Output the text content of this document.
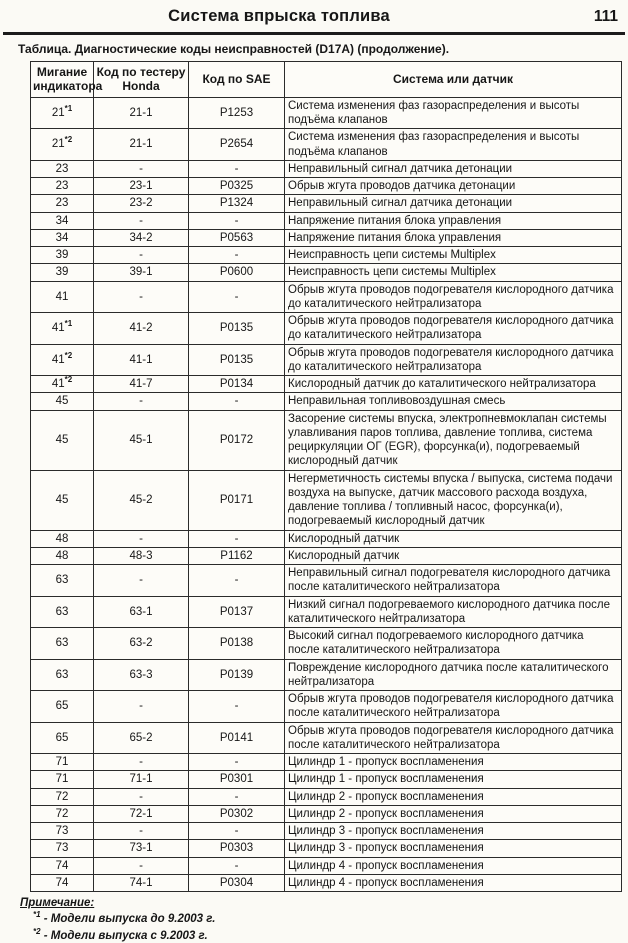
Система впрыска топлива	111
Таблица. Диагностические коды неисправностей (D17A) (продолжение).
Мигание индикатора	Код по тестеру Honda	Код по SAE	Система или датчик
21$^{*1}$	21-1	P1253	Система изменения фаз газораспределения и высоты подъёма клапанов
21$^{*2}$	21-1	P2654	Система изменения фаз газораспределения и высоты подъёма клапанов
23	-	-	Неправильный сигнал датчика детонации
23	23-1	P0325	Обрыв жгута проводов датчика детонации
23	23-2	P1324	Неправильный сигнал датчика детонации
34	-	-	Напряжение питания блока управления
34	34-2	P0563	Напряжение питания блока управления
39	-	-	Неисправность цепи системы Multiplex
39	39-1	P0600	Неисправность цепи системы Multiplex
41	-	-	Обрыв жгута проводов подогревателя кислородного датчика до каталитического нейтрализатора
41$^{*1}$	41-2	P0135	Обрыв жгута проводов подогревателя кислородного датчика до каталитического нейтрализатора
41$^{*2}$	41-1	P0135	Обрыв жгута проводов подогревателя кислородного датчика до каталитического нейтрализатора
41$^{*2}$	41-7	P0134	Кислородный датчик до каталитического нейтрализатора
45	-	-	Неправильная топливовоздушная смесь
45	45-1	P0172	Засорение системы впуска, электропневмоклапан системы улавливания паров топлива, давление топлива, система рециркуляции ОГ (EGR), форсунка(и), подогреваемый кислородный датчик
45	45-2	P0171	Негерметичность системы впуска / выпуска, система подачи воздуха на выпуске, датчик массового расхода воздуха, давление топлива / топливный насос, форсунка(и), подогреваемый кислородный датчик
48	-	-	Кислородный датчик
48	48-3	P1162	Кислородный датчик
63	-	-	Неправильный сигнал подогревателя кислородного датчика после каталитического нейтрализатора
63	63-1	P0137	Низкий сигнал подогреваемого кислородного датчика после каталитического нейтрализатора
63	63-2	P0138	Высокий сигнал подогреваемого кислородного датчика после каталитического нейтрализатора
63	63-3	P0139	Повреждение кислородного датчика после каталитического нейтрализатора
65	-	-	Обрыв жгута проводов подогревателя кислородного датчика после каталитического нейтрализатора
65	65-2	P0141	Обрыв жгута проводов подогревателя кислородного датчика после каталитического нейтрализатора
71	-	-	Цилиндр 1 - пропуск воспламенения
71	71-1	P0301	Цилиндр 1 - пропуск воспламенения
72	-	-	Цилиндр 2 - пропуск воспламенения
72	72-1	P0302	Цилиндр 2 - пропуск воспламенения
73	-	-	Цилиндр 3 - пропуск воспламенения
73	73-1	P0303	Цилиндр 3 - пропуск воспламенения
74	-	-	Цилиндр 4 - пропуск воспламенения
74	74-1	P0304	Цилиндр 4 - пропуск воспламенения
Примечание:
$^{*1}$ - Модели выпуска до 9.2003 г.
$^{*2}$ - Модели выпуска с 9.2003 г.
